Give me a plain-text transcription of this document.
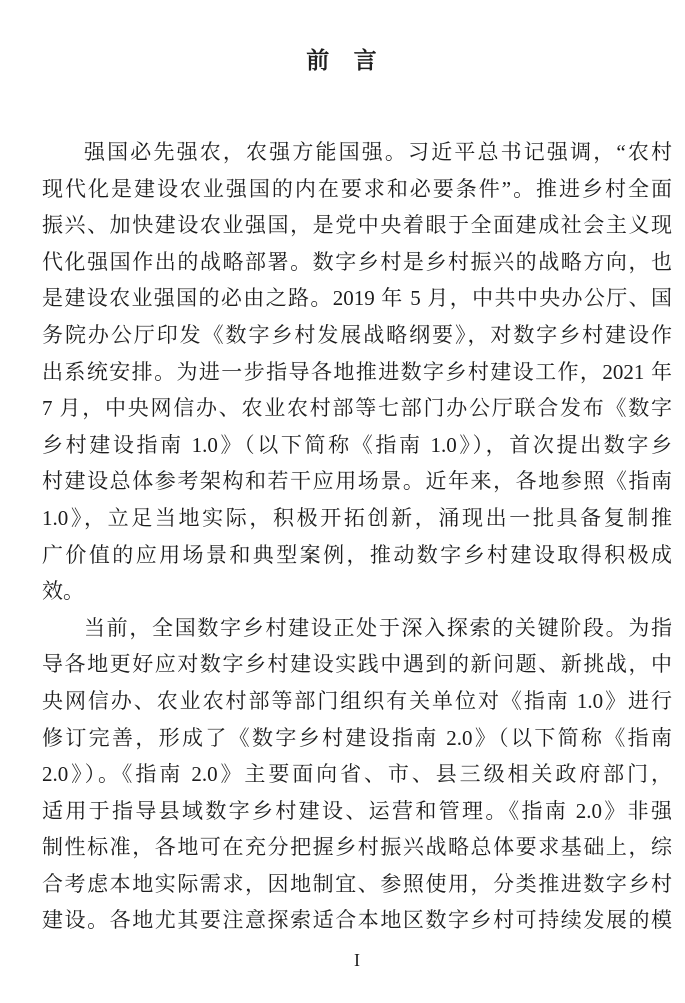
前 言
强国必先强农，农强方能国强。习近平总书记强调，“农村
现代化是建设农业强国的内在要求和必要条件”。推进乡村全面
振兴、加快建设农业强国，是党中央着眼于全面建成社会主义现
代化强国作出的战略部署。数字乡村是乡村振兴的战略方向，也
是建设农业强国的必由之路。2019 年 5 月，中共中央办公厅、国
务院办公厅印发《数字乡村发展战略纲要》，对数字乡村建设作
出系统安排。为进一步指导各地推进数字乡村建设工作，2021 年
7 月，中央网信办、农业农村部等七部门办公厅联合发布《数字
乡村建设指南 1.0》（以下简称《指南 1.0》），首次提出数字乡
村建设总体参考架构和若干应用场景。近年来，各地参照《指南
1.0》，立足当地实际，积极开拓创新，涌现出一批具备复制推
广价值的应用场景和典型案例，推动数字乡村建设取得积极成
效。
当前，全国数字乡村建设正处于深入探索的关键阶段。为指
导各地更好应对数字乡村建设实践中遇到的新问题、新挑战，中
央网信办、农业农村部等部门组织有关单位对《指南 1.0》进行
修订完善，形成了《数字乡村建设指南 2.0》（以下简称《指南
2.0》）。《指南 2.0》主要面向省、市、县三级相关政府部门，
适用于指导县域数字乡村建设、运营和管理。《指南 2.0》非强
制性标准，各地可在充分把握乡村振兴战略总体要求基础上，综
合考虑本地实际需求，因地制宜、参照使用，分类推进数字乡村
建设。各地尤其要注意探索适合本地区数字乡村可持续发展的模
I
